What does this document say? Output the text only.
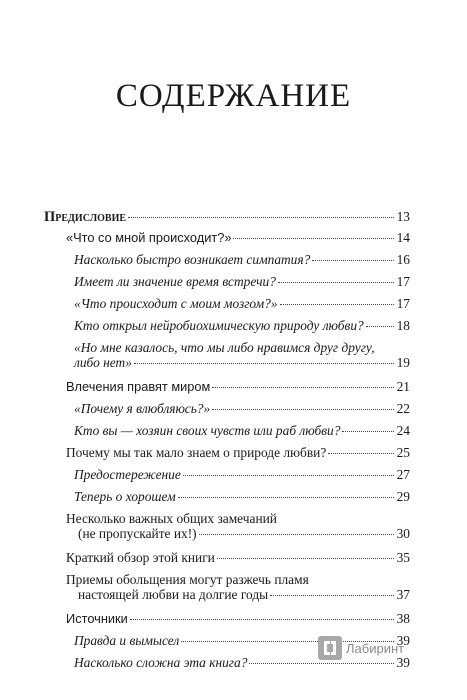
СОДЕРЖАНИЕ
Предисловие	13
«Что со мной происходит?»	14
Насколько быстро возникает симпатия?	16
Имеет ли значение время встречи?	17
«Что происходит с моим мозгом?»	17
Кто открыл нейробиохимическую природу любви? 18
«Но мне казалось, что мы либо нравимся друг другу,
либо нет»	19
Влечения правят миром	21
«Почему я влюбляюсь?»	22
Кто вы — хозяин своих чувств или раб любви?	24
Почему мы так мало знаем о природе любви?	25
Предостережение	27
Теперь о хорошем	29
Несколько важных общих замечаний
(не пропускайте их!)	30
Краткий обзор этой книги	35
Приемы обольщения могут разжечь пламя
настоящей любви на долгие годы	37
Источники	38
Правда и вымысел	39
Насколько сложна эта книга?	39
Лабиринт
